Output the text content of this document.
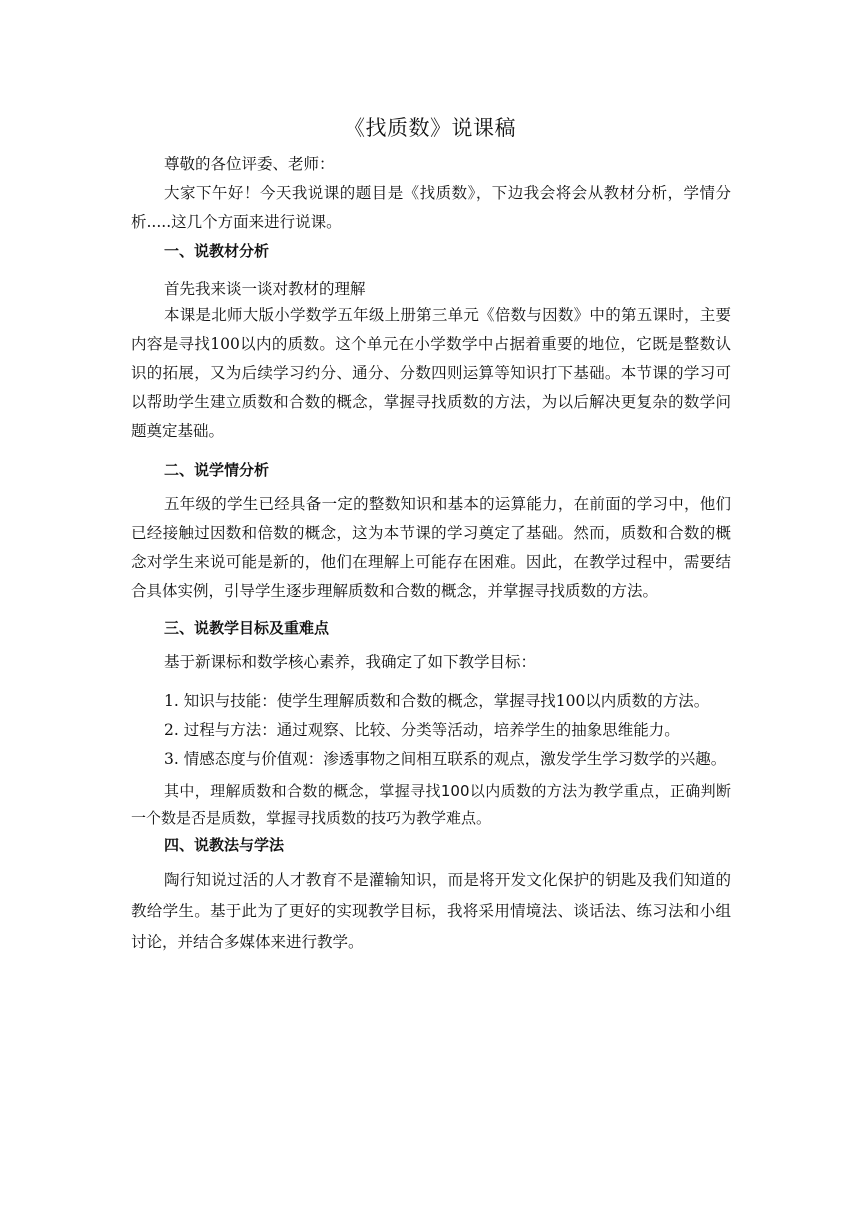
《找质数》说课稿

尊敬的各位评委、老师：

大家下午好！今天我说课的题目是《找质数》，下边我会将会从教材分析，学情分析.....这几个方面来进行说课。

一、说教材分析

首先我来谈一谈对教材的理解

本课是北师大版小学数学五年级上册第三单元《倍数与因数》中的第五课时，主要内容是寻找100以内的质数。这个单元在小学数学中占据着重要的地位，它既是整数认识的拓展，又为后续学习约分、通分、分数四则运算等知识打下基础。本节课的学习可以帮助学生建立质数和合数的概念，掌握寻找质数的方法，为以后解决更复杂的数学问题奠定基础。

二、说学情分析

五年级的学生已经具备一定的整数知识和基本的运算能力，在前面的学习中，他们已经接触过因数和倍数的概念，这为本节课的学习奠定了基础。然而，质数和合数的概念对学生来说可能是新的，他们在理解上可能存在困难。因此，在教学过程中，需要结合具体实例，引导学生逐步理解质数和合数的概念，并掌握寻找质数的方法。

三、说教学目标及重难点

基于新课标和数学核心素养，我确定了如下教学目标：

1. 知识与技能：使学生理解质数和合数的概念，掌握寻找100以内质数的方法。

2. 过程与方法：通过观察、比较、分类等活动，培养学生的抽象思维能力。

3. 情感态度与价值观：渗透事物之间相互联系的观点，激发学生学习数学的兴趣。

其中，理解质数和合数的概念，掌握寻找100以内质数的方法为教学重点，正确判断一个数是否是质数，掌握寻找质数的技巧为教学难点。

四、说教法与学法

陶行知说过活的人才教育不是灌输知识，而是将开发文化保护的钥匙及我们知道的教给学生。基于此为了更好的实现教学目标，我将采用情境法、谈话法、练习法和小组讨论，并结合多媒体来进行教学。
